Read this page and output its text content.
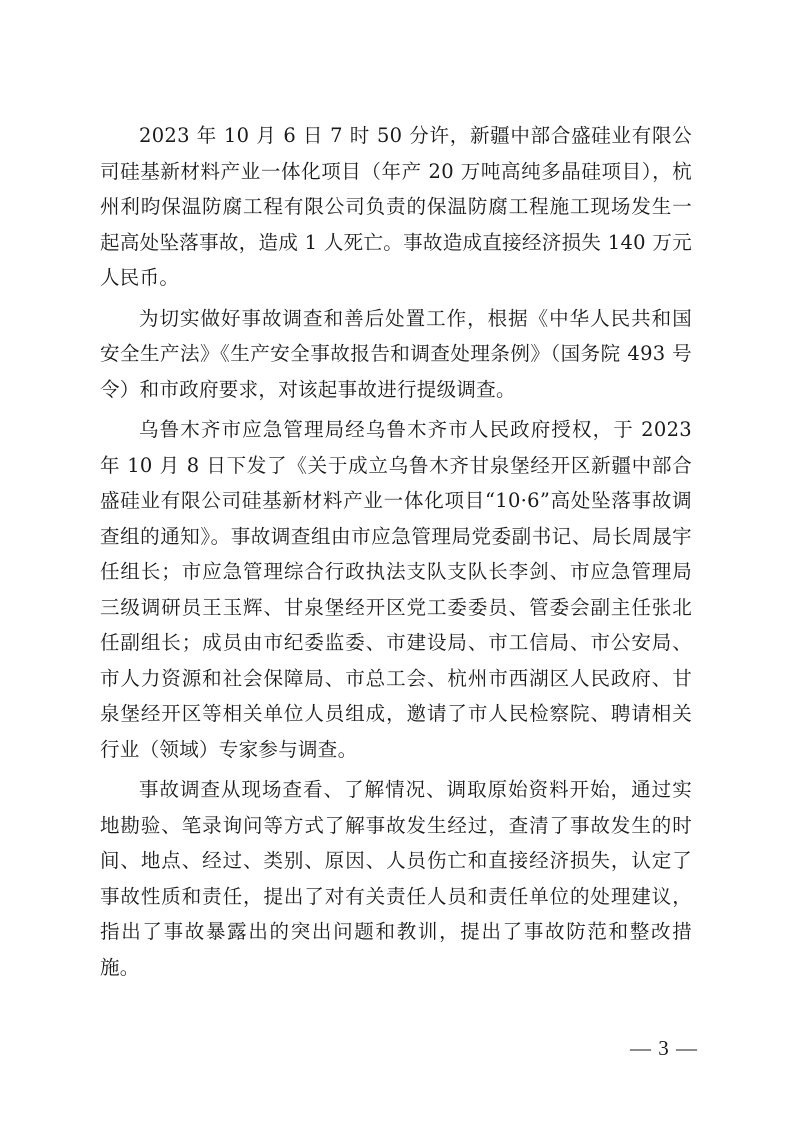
2023 年 10 月 6 日 7 时 50 分许，新疆中部合盛硅业有限公司硅基新材料产业一体化项目（年产 20 万吨高纯多晶硅项目），杭州利昀保温防腐工程有限公司负责的保温防腐工程施工现场发生一起高处坠落事故，造成 1 人死亡。事故造成直接经济损失 140 万元人民币。

为切实做好事故调查和善后处置工作，根据《中华人民共和国安全生产法》《生产安全事故报告和调查处理条例》（国务院 493 号令）和市政府要求，对该起事故进行提级调查。

乌鲁木齐市应急管理局经乌鲁木齐市人民政府授权，于 2023 年 10 月 8 日下发了《关于成立乌鲁木齐甘泉堡经开区新疆中部合盛硅业有限公司硅基新材料产业一体化项目“10·6”高处坠落事故调查组的通知》。事故调查组由市应急管理局党委副书记、局长周晟宇任组长；市应急管理综合行政执法支队支队长李剑、市应急管理局三级调研员王玉辉、甘泉堡经开区党工委委员、管委会副主任张北任副组长；成员由市纪委监委、市建设局、市工信局、市公安局、市人力资源和社会保障局、市总工会、杭州市西湖区人民政府、甘泉堡经开区等相关单位人员组成，邀请了市人民检察院、聘请相关行业（领域）专家参与调查。

事故调查从现场查看、了解情况、调取原始资料开始，通过实地勘验、笔录询问等方式了解事故发生经过，查清了事故发生的时间、地点、经过、类别、原因、人员伤亡和直接经济损失，认定了事故性质和责任，提出了对有关责任人员和责任单位的处理建议，指出了事故暴露出的突出问题和教训，提出了事故防范和整改措施。

— 3 —
